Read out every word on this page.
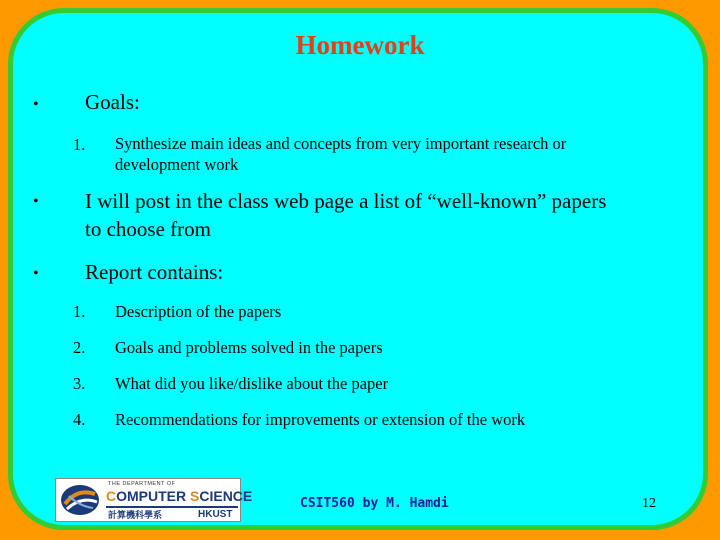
Homework
• Goals:
1. Synthesize main ideas and concepts from very important research or
development work
• I will post in the class web page a list of “well-known” papers
to choose from
• Report contains:
1. Description of the papers
2. Goals and problems solved in the papers
3. What did you like/dislike about the paper
4. Recommendations for improvements or extension of the work
THE DEPARTMENT OF
COMPUTER SCIENCE
計算機科學系	HKUST
CSIT560 by M. Hamdi	12
